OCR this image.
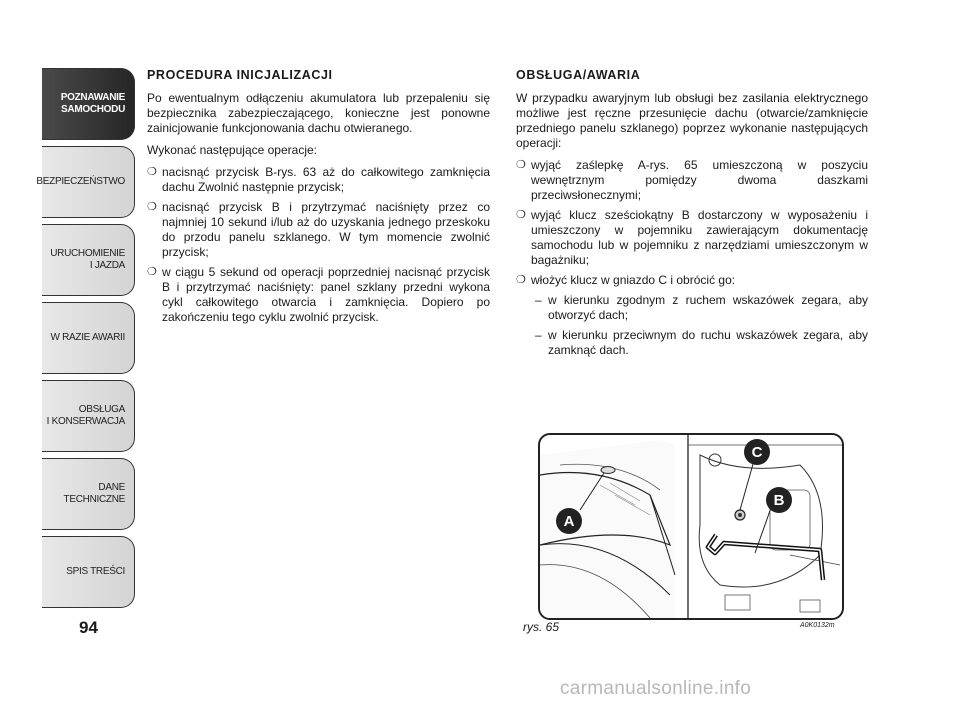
POZNAWANIE
SAMOCHODU
BEZPIECZEŃSTWO
URUCHOMIENIE
I JAZDA
W RAZIE AWARII
OBSŁUGA
I KONSERWACJA
DANE
TECHNICZNE
SPIS TREŚCI
94
PROCEDURA INICJALIZACJI
Po ewentualnym odłączeniu akumulatora lub przepaleniu się bezpiecznika zabezpieczającego, konieczne jest ponowne zainicjowanie funkcjonowania dachu otwieranego.
Wykonać następujące operacje:
❍ nacisnąć przycisk B-rys. 63 aż do całkowitego zamknięcia dachu Zwolnić następnie przycisk;
❍ nacisnąć przycisk B i przytrzymać naciśnięty przez co najmniej 10 sekund i/lub aż do uzyskania jednego przeskoku do przodu panelu szklanego. W tym momencie zwolnić przycisk;
❍ w ciągu 5 sekund od operacji poprzedniej nacisnąć przycisk B i przytrzymać naciśnięty: panel szklany przedni wykona cykl całkowitego otwarcia i zamknięcia. Dopiero po zakończeniu tego cyklu zwolnić przycisk.
OBSŁUGA/AWARIA
W przypadku awaryjnym lub obsługi bez zasilania elektrycznego możliwe jest ręczne przesunięcie dachu (otwarcie/zamknięcie przedniego panelu szklanego) poprzez wykonanie następujących operacji:
❍ wyjąć zaślepkę A-rys. 65 umieszczoną w poszyciu wewnętrznym pomiędzy dwoma daszkami przeciwsłonecznymi;
❍ wyjąć klucz sześciokątny B dostarczony w wyposażeniu i umieszczony w pojemniku zawierającym dokumentację samochodu lub w pojemniku z narzędziami umieszczonym w bagażniku;
❍ włożyć klucz w gniazdo C i obrócić go:
– w kierunku zgodnym z ruchem wskazówek zegara, aby otworzyć dach;
– w kierunku przeciwnym do ruchu wskazówek zegara, aby zamknąć dach.
A
B
C
rys. 65	A0K0132m
carmanualsonline.info
